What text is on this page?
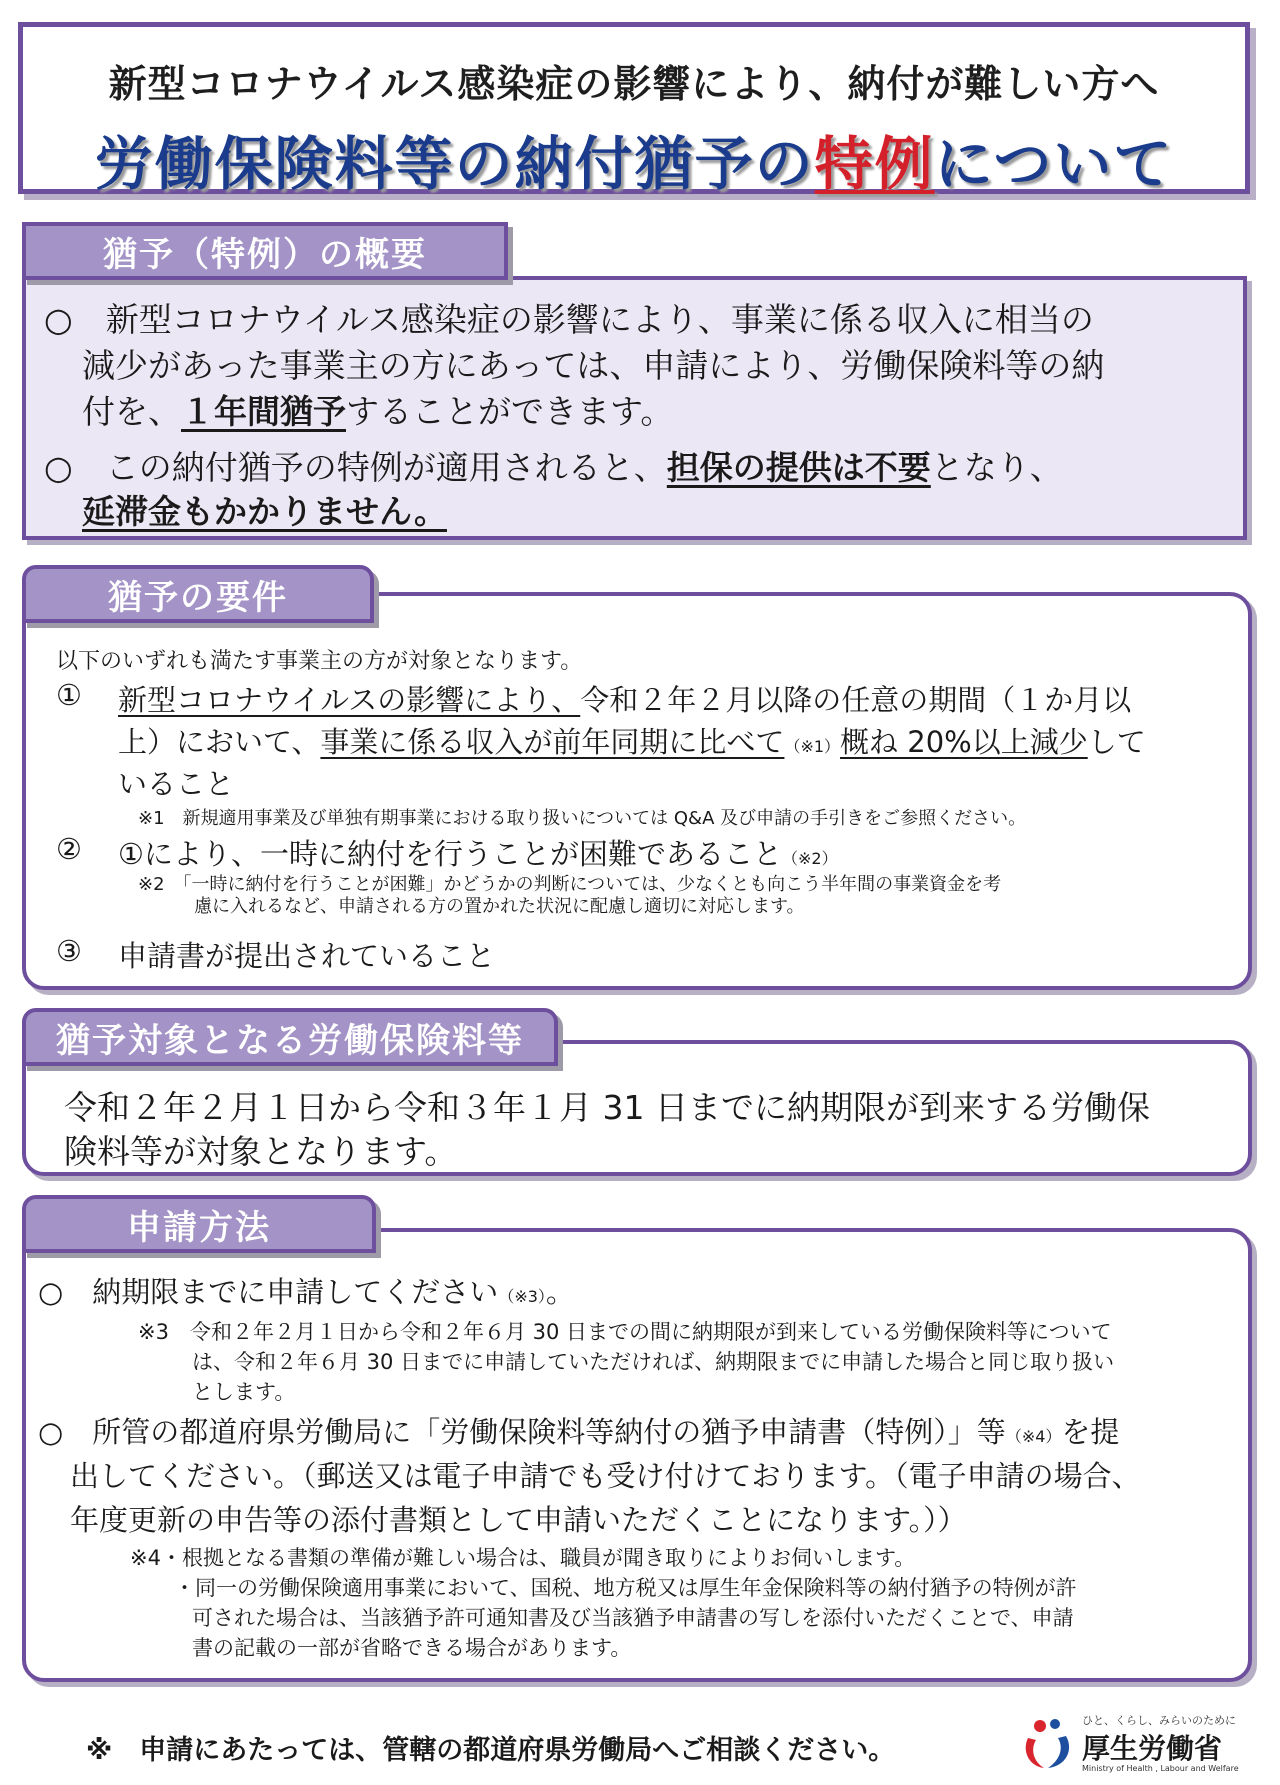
新型コロナウイルス感染症の影響により、納付が難しい方へ
労働保険料等の納付猶予の特例について
猶予（特例）の概要
○　新型コロナウイルス感染症の影響により、事業に係る収入に相当の
減少があった事業主の方にあっては、申請により、労働保険料等の納
付を、１年間猶予することができます。
○　この納付猶予の特例が適用されると、担保の提供は不要となり、
延滞金もかかりません。
猶予の要件
以下のいずれも満たす事業主の方が対象となります。
① 新型コロナウイルスの影響により、令和２年２月以降の任意の期間（１か月以
上）において、事業に係る収入が前年同期に比べて（※1）概ね 20%以上減少して
いること
※1　新規適用事業及び単独有期事業における取り扱いについては Q&A 及び申請の手引きをご参照ください。
② ①により、一時に納付を行うことが困難であること（※2）
※2　「一時に納付を行うことが困難」かどうかの判断については、少なくとも向こう半年間の事業資金を考
慮に入れるなど、申請される方の置かれた状況に配慮し適切に対応します。
③ 申請書が提出されていること
猶予対象となる労働保険料等
令和２年２月１日から令和３年１月 31 日までに納期限が到来する労働保
険料等が対象となります。
申請方法
○　納期限までに申請してください（※3）。
※3　令和２年２月１日から令和２年６月 30 日までの間に納期限が到来している労働保険料等について
は、令和２年６月 30 日までに申請していただければ、納期限までに申請した場合と同じ取り扱い
とします。
○　所管の都道府県労働局に「労働保険料等納付の猶予申請書（特例）」等（※4）を提
出してください。（郵送又は電子申請でも受け付けております。（電子申請の場合、
年度更新の申告等の添付書類として申請いただくことになります。））
※4・根拠となる書類の準備が難しい場合は、職員が聞き取りによりお伺いします。
・同一の労働保険適用事業において、国税、地方税又は厚生年金保険料等の納付猶予の特例が許
可された場合は、当該猶予許可通知書及び当該猶予申請書の写しを添付いただくことで、申請
書の記載の一部が省略できる場合があります。
※　申請にあたっては、管轄の都道府県労働局へご相談ください。
ひと、くらし、みらいのために
厚生労働省
Ministry of Health , Labour and Welfare
